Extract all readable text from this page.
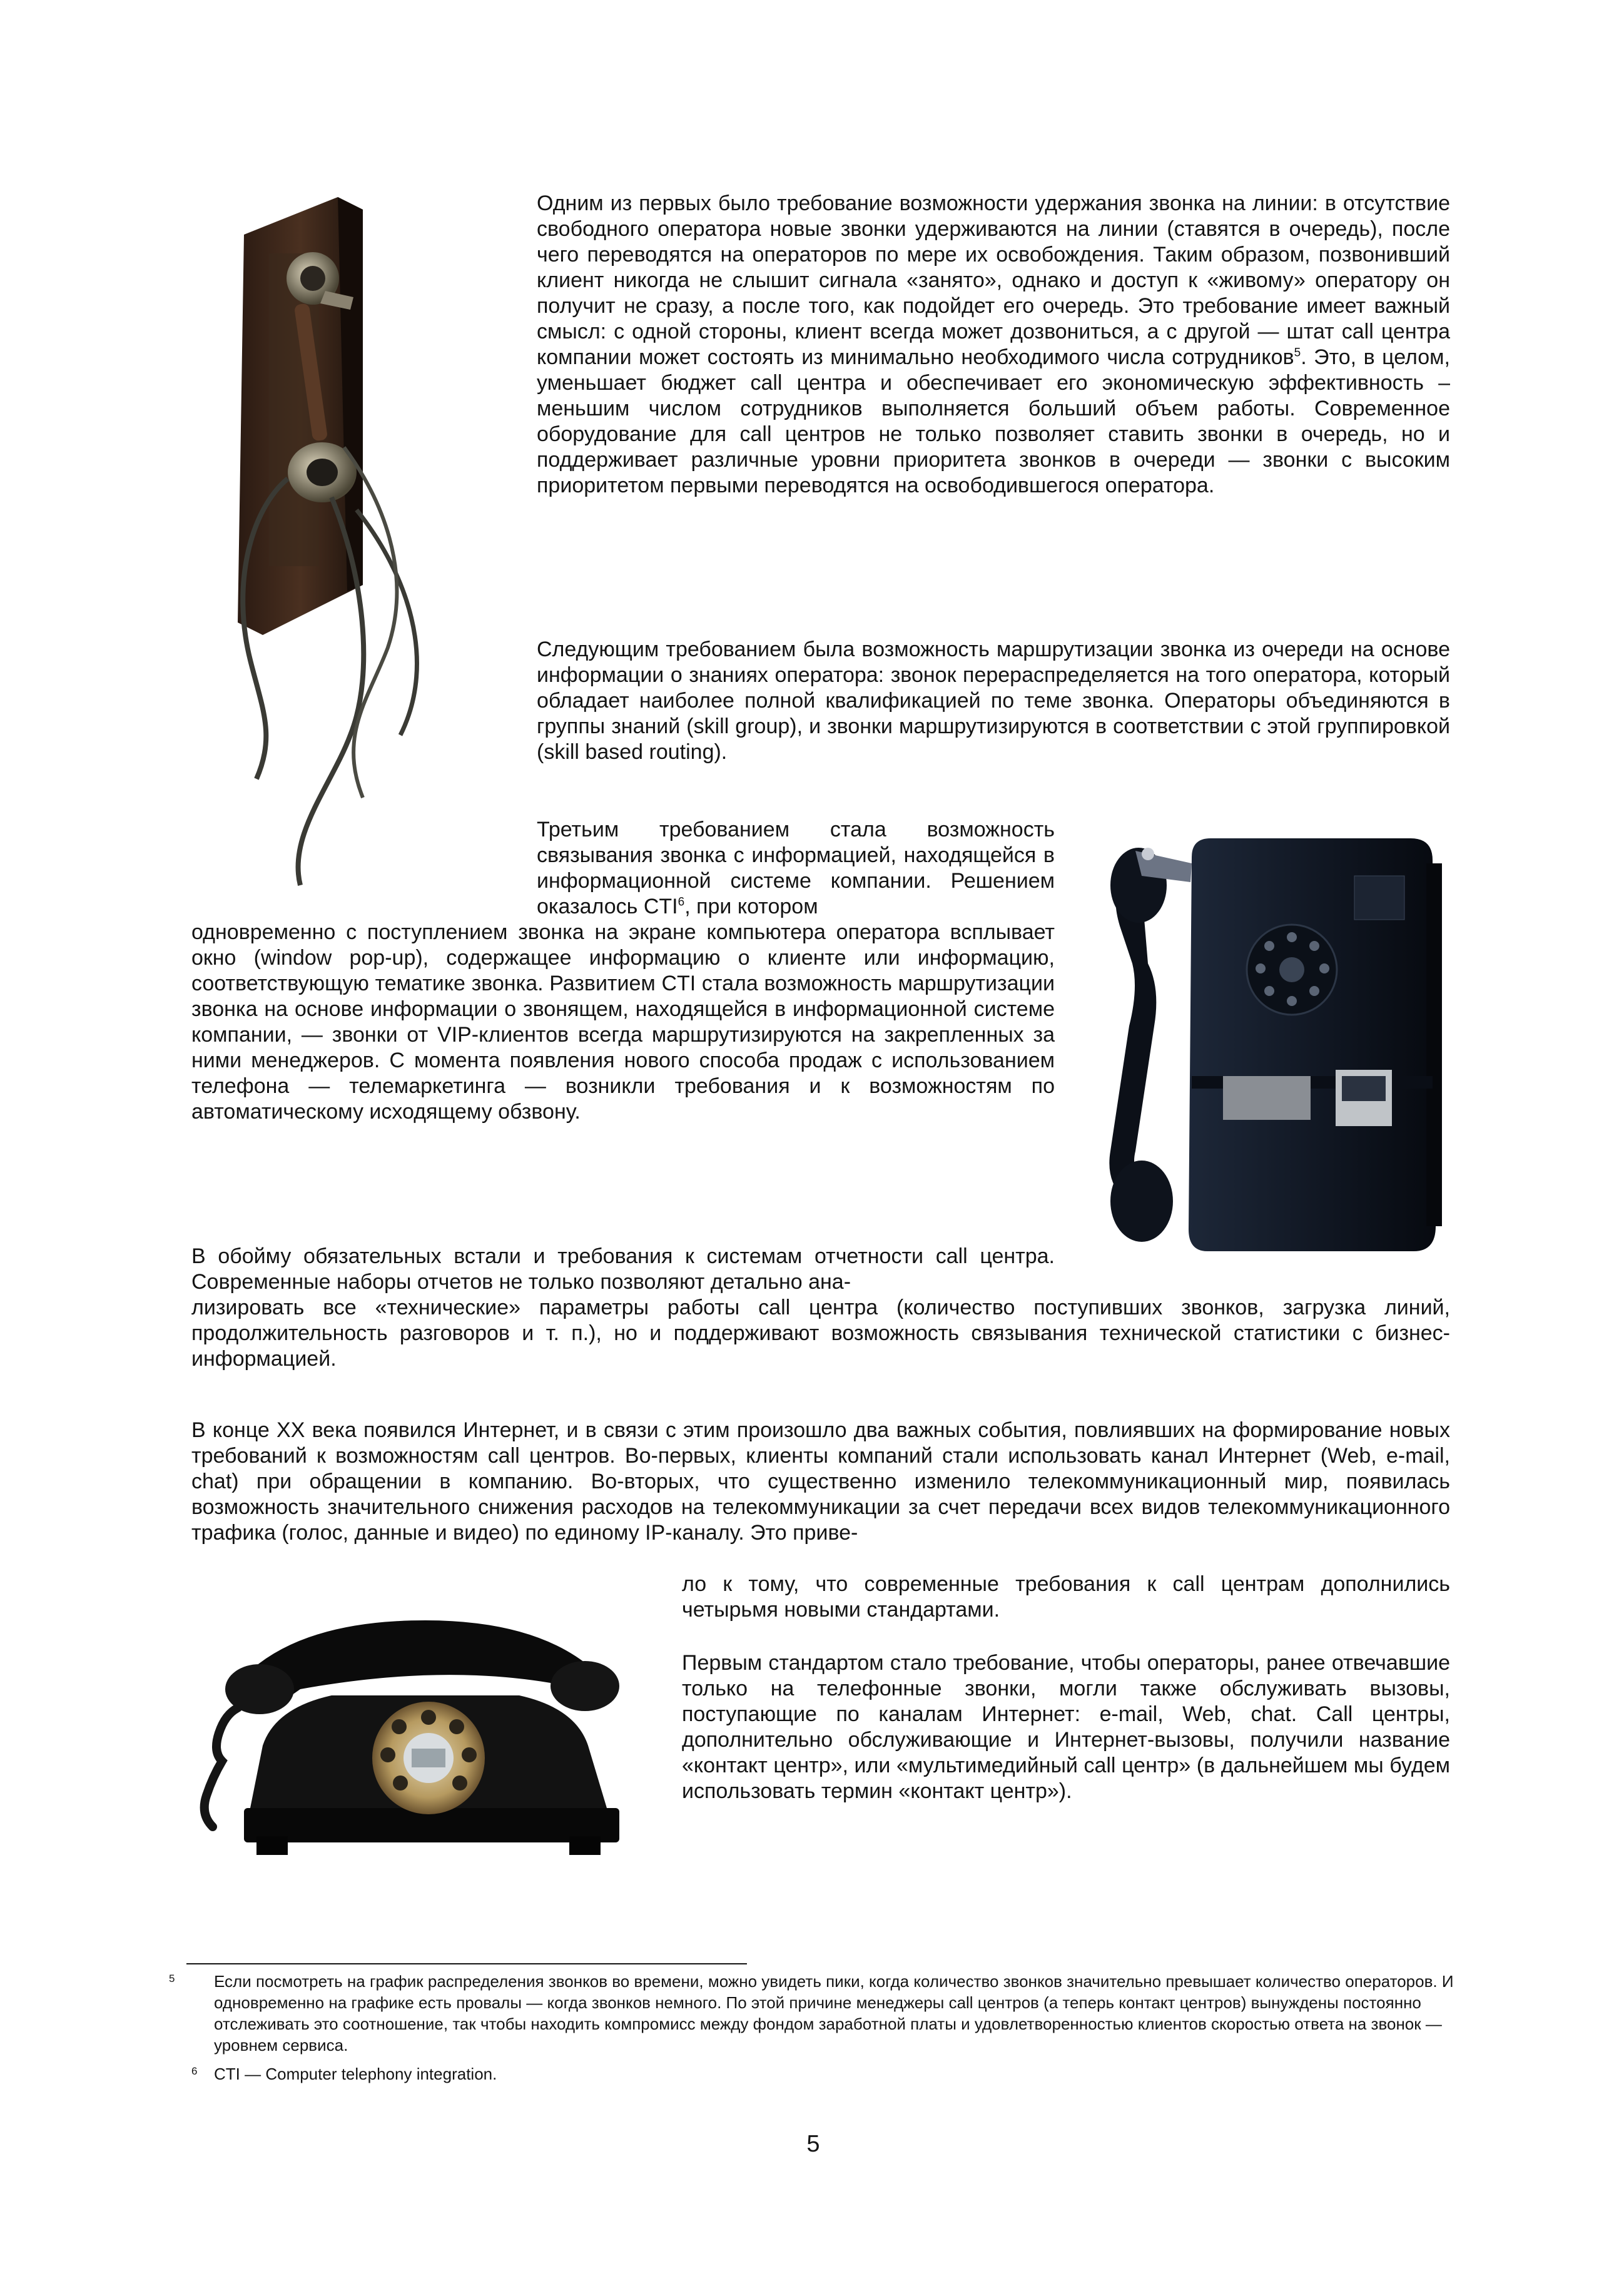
Одним из первых было требование возможности удержания звонка на линии: в отсутствие свободного оператора новые звонки удерживаются на линии (ставятся в очередь), после чего переводятся на операторов по мере их освобождения. Таким образом, позвонивший клиент никогда не слышит сигнала «занято», однако и доступ к «живому» оператору он получит не сразу, а после того, как подойдет его очередь. Это требование имеет важный смысл: с одной стороны, клиент всегда может дозвониться, а с другой — штат call центра компании может состоять из минимально необходимого числа сотрудников$^5$. Это, в целом, уменьшает бюджет call центра и обеспечивает его экономическую эффективность – меньшим числом сотрудников выполняется больший объем работы. Современное оборудование для call центров не только позволяет ставить звонки в очередь, но и поддерживает различные уровни приоритета звонков в очереди — звонки с высоким приоритетом первыми переводятся на освободившегося оператора.

Следующим требованием была возможность маршрутизации звонка из очереди на основе информации о знаниях оператора: звонок перераспределяется на того оператора, который обладает наиболее полной квалификацией по теме звонка. Операторы объединяются в группы знаний (skill group), и звонки маршрутизируются в соответствии с этой группировкой (skill based routing).

Третьим требованием стала возможность связывания звонка с информацией, находящейся в информационной системе компании. Решением оказалось CTI$^6$, при котором

одновременно с поступлением звонка на экране компьютера оператора всплывает окно (window pop-up), содержащее информацию о клиенте или информацию, соответствующую тематике звонка. Развитием CTI стала возможность маршрутизации звонка на основе информации о звонящем, находящейся в информационной системе компании, — звонки от VIP-клиентов всегда маршрутизируются на закрепленных за ними менеджеров. С момента появления нового способа продаж с использованием телефона — телемаркетинга — возникли требования и к возможностям по автоматическому исходящему обзвону.

В обойму обязательных встали и требования к системам отчетности call центра. Современные наборы отчетов не только позволяют детально ана-

лизировать все «технические» параметры работы call центра (количество поступивших звонков, загрузка линий, продолжительность разговоров и т. п.), но и поддерживают возможность связывания технической статистики с бизнес-информацией.

В конце XX века появился Интернет, и в связи с этим произошло два важных события, повлиявших на формирование новых требований к возможностям call центров. Во-первых, клиенты компаний стали использовать канал Интернет (Web, e-mail, chat) при обращении в компанию. Во-вторых, что существенно изменило телекоммуникационный мир, появилась возможность значительного снижения расходов на телекоммуникации за счет передачи всех видов телекоммуникационного трафика (голос, данные и видео) по единому IP-каналу. Это приве-

ло к тому, что современные требования к call центрам дополнились четырьмя новыми стандартами.

Первым стандартом стало требование, чтобы операторы, ранее отвечавшие только на телефонные звонки, могли также обслуживать вызовы, поступающие по каналам Интернет: e-mail, Web, chat. Call центры, дополнительно обслуживающие и Интернет-вызовы, получили название «контакт центр», или «мультимедийный call центр» (в дальнейшем мы будем использовать термин «контакт центр»).

5 Если посмотреть на график распределения звонков во времени, можно увидеть пики, когда количество звонков значительно превышает количество операторов. И одновременно на графике есть провалы — когда звонков немного. По этой причине менеджеры call центров (а теперь контакт центров) вынуждены постоянно отслеживать это соотношение, так чтобы находить компромисс между фондом заработной платы и удовлетворенностью клиентов скоростью ответа на звонок — уровнем сервиса.

6 CTI — Computer telephony integration.

5
